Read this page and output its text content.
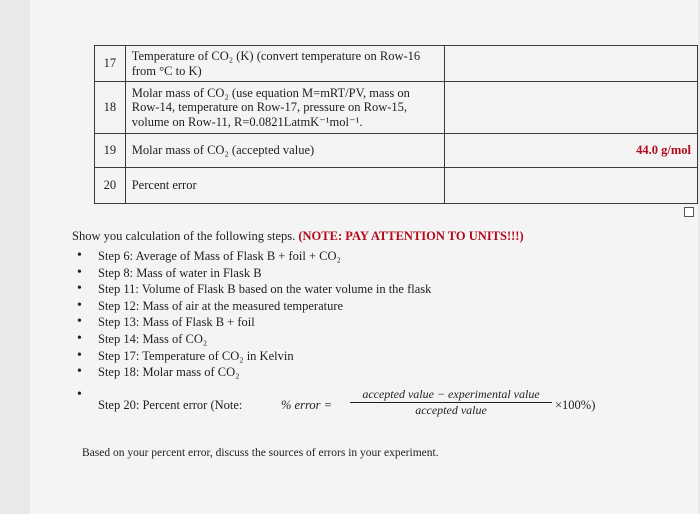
17	Temperature of CO₂ (K) (convert temperature on Row-16
from °C to K)	

18	Molar mass of CO₂ (use equation M=mRT/PV, mass on
Row-14, temperature on Row-17, pressure on Row-15,
volume on Row-11, R=0.0821LatmK⁻¹mol⁻¹.	

19	Molar mass of CO₂ (accepted value)	44.0 g/mol
20	Percent error	

Show you calculation of the following steps. (NOTE: PAY ATTENTION TO UNITS!!!)

• Step 6: Average of Mass of Flask B + foil + CO₂
• Step 8: Mass of water in Flask B
• Step 11: Volume of Flask B based on the water volume in the flask
• Step 12: Mass of air at the measured temperature
• Step 13: Mass of Flask B + foil
• Step 14: Mass of CO₂
• Step 17: Temperature of CO₂ in Kelvin
• Step 18: Molar mass of CO₂
• Step 20: Percent error (Note:	% error =
accepted value − experimental value
accepted value	×100%)
Based on your percent error, discuss the sources of errors in your experiment.
